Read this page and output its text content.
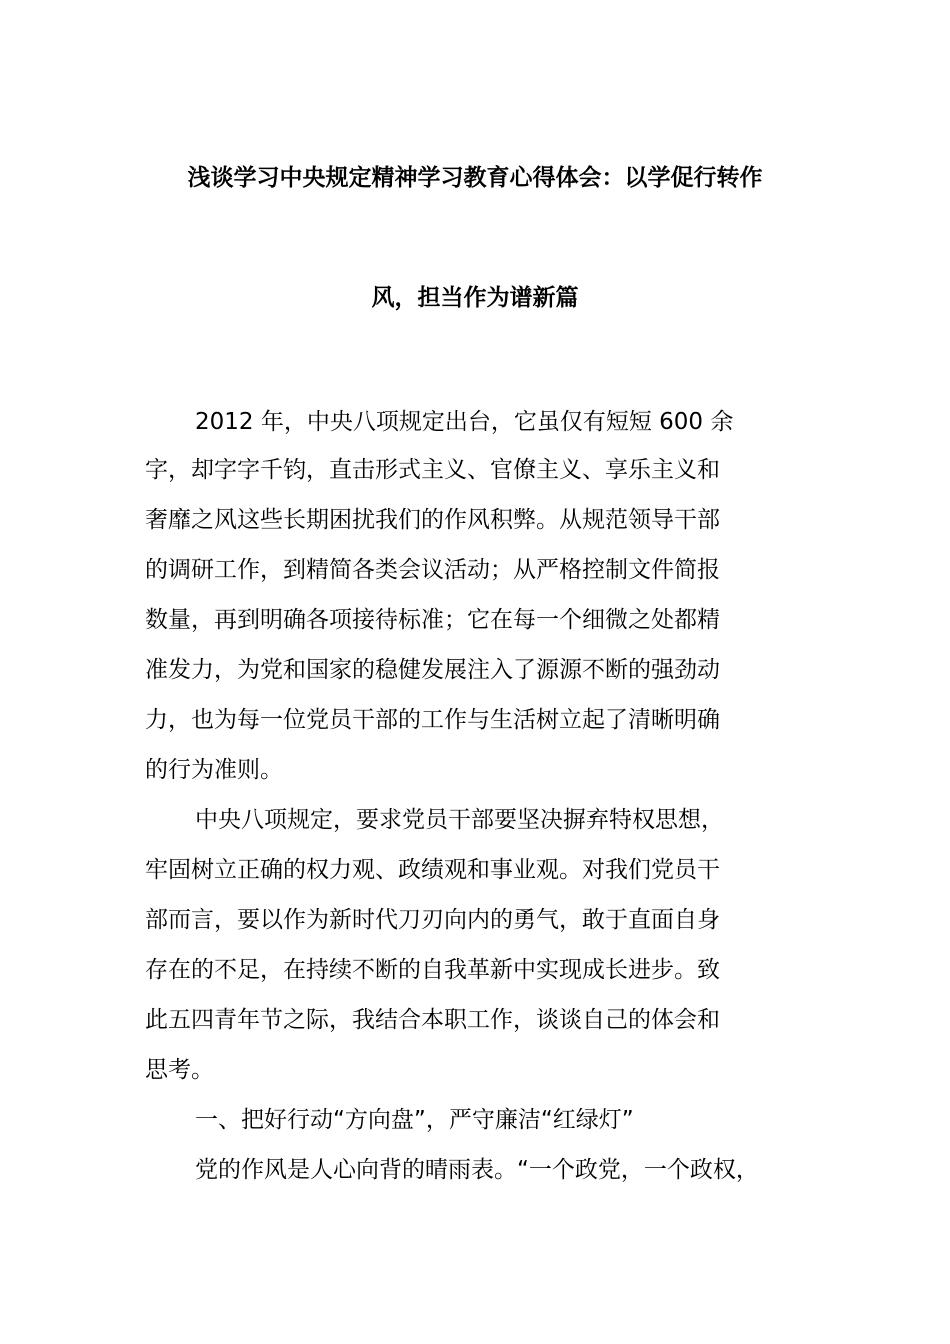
浅谈学习中央规定精神学习教育心得体会：以学促行转作
风，担当作为谱新篇
2012 年，中央八项规定出台，它虽仅有短短 600 余
字，却字字千钧，直击形式主义、官僚主义、享乐主义和
奢靡之风这些长期困扰我们的作风积弊。从规范领导干部
的调研工作，到精简各类会议活动；从严格控制文件简报
数量，再到明确各项接待标准；它在每一个细微之处都精
准发力，为党和国家的稳健发展注入了源源不断的强劲动
力，也为每一位党员干部的工作与生活树立起了清晰明确
的行为准则。
中央八项规定，要求党员干部要坚决摒弃特权思想，
牢固树立正确的权力观、政绩观和事业观。对我们党员干
部而言，要以作为新时代刀刃向内的勇气，敢于直面自身
存在的不足，在持续不断的自我革新中实现成长进步。致
此五四青年节之际，我结合本职工作，谈谈自己的体会和
思考。
一、把好行动“方向盘”，严守廉洁“红绿灯”
党的作风是人心向背的晴雨表。“一个政党，一个政权，
